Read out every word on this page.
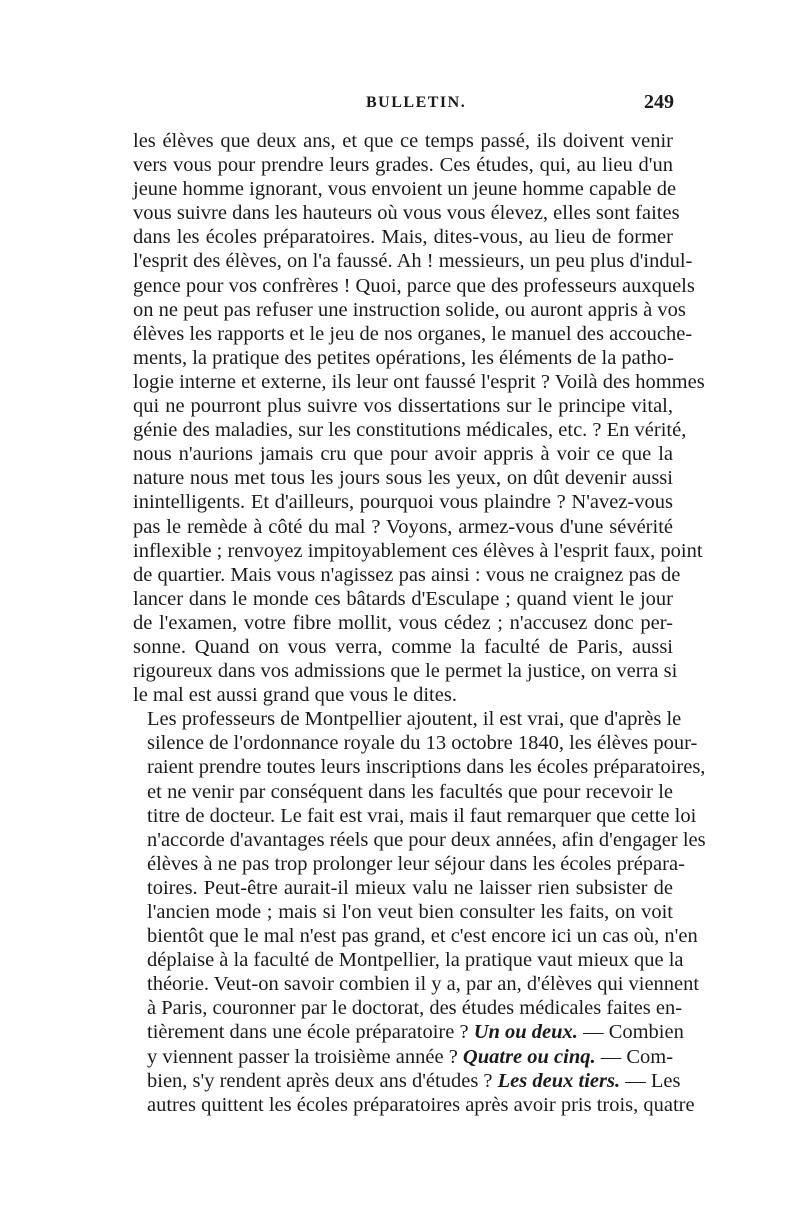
BULLETIN.	249

les élèves que deux ans, et que ce temps passé, ils doivent venir
vers vous pour prendre leurs grades. Ces études, qui, au lieu d'un
jeune homme ignorant, vous envoient un jeune homme capable de
vous suivre dans les hauteurs où vous vous élevez, elles sont faites
dans les écoles préparatoires. Mais, dites-vous, au lieu de former
l'esprit des élèves, on l'a faussé. Ah ! messieurs, un peu plus d'indul-
gence pour vos confrères ! Quoi, parce que des professeurs auxquels
on ne peut pas refuser une instruction solide, ou auront appris à vos
élèves les rapports et le jeu de nos organes, le manuel des accouche-
ments, la pratique des petites opérations, les éléments de la patho-
logie interne et externe, ils leur ont faussé l'esprit ? Voilà des hommes
qui ne pourront plus suivre vos dissertations sur le principe vital,
génie des maladies, sur les constitutions médicales, etc. ? En vérité,
nous n'aurions jamais cru que pour avoir appris à voir ce que la
nature nous met tous les jours sous les yeux, on dût devenir aussi
inintelligents. Et d'ailleurs, pourquoi vous plaindre ? N'avez-vous
pas le remède à côté du mal ? Voyons, armez-vous d'une sévérité
inflexible ; renvoyez impitoyablement ces élèves à l'esprit faux, point
de quartier. Mais vous n'agissez pas ainsi : vous ne craignez pas de
lancer dans le monde ces bâtards d'Esculape ; quand vient le jour
de l'examen, votre fibre mollit, vous cédez ; n'accusez donc per-
sonne. Quand on vous verra, comme la faculté de Paris, aussi
rigoureux dans vos admissions que le permet la justice, on verra si
le mal est aussi grand que vous le dites.

Les professeurs de Montpellier ajoutent, il est vrai, que d'après le
silence de l'ordonnance royale du 13 octobre 1840, les élèves pour-
raient prendre toutes leurs inscriptions dans les écoles préparatoires,
et ne venir par conséquent dans les facultés que pour recevoir le
titre de docteur. Le fait est vrai, mais il faut remarquer que cette loi
n'accorde d'avantages réels que pour deux années, afin d'engager les
élèves à ne pas trop prolonger leur séjour dans les écoles prépara-
toires. Peut-être aurait-il mieux valu ne laisser rien subsister de
l'ancien mode ; mais si l'on veut bien consulter les faits, on voit
bientôt que le mal n'est pas grand, et c'est encore ici un cas où, n'en
déplaise à la faculté de Montpellier, la pratique vaut mieux que la
théorie. Veut-on savoir combien il y a, par an, d'élèves qui viennent
à Paris, couronner par le doctorat, des études médicales faites en-
tièrement dans une école préparatoire ? Un ou deux. — Combien
y viennent passer la troisième année ? Quatre ou cinq. — Com-
bien, s'y rendent après deux ans d'études ? Les deux tiers. — Les
autres quittent les écoles préparatoires après avoir pris trois, quatre
